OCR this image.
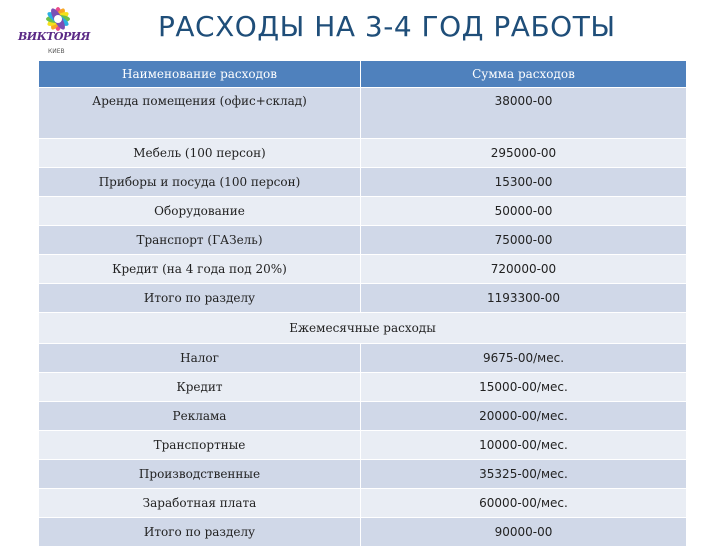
ВИКТОРИЯ
КИЕВ
РАСХОДЫ НА 3-4 ГОД РАБОТЫ
Наименование расходов	Сумма расходов
Аренда помещения (офис+склад)	38000-00
Мебель (100 персон)	295000-00
Приборы и посуда (100 персон)	15300-00
Оборудование	50000-00
Транспорт (ГАЗель)	75000-00
Кредит (на 4 года под 20%)	720000-00
Итого по разделу	1193300-00
Ежемесячные расходы	
Налог	9675-00/мес.
Кредит	15000-00/мес.
Реклама	20000-00/мес.
Транспортные	10000-00/мес.
Производственные	35325-00/мес.
Заработная плата	60000-00/мес.
Итого по разделу	90000-00
